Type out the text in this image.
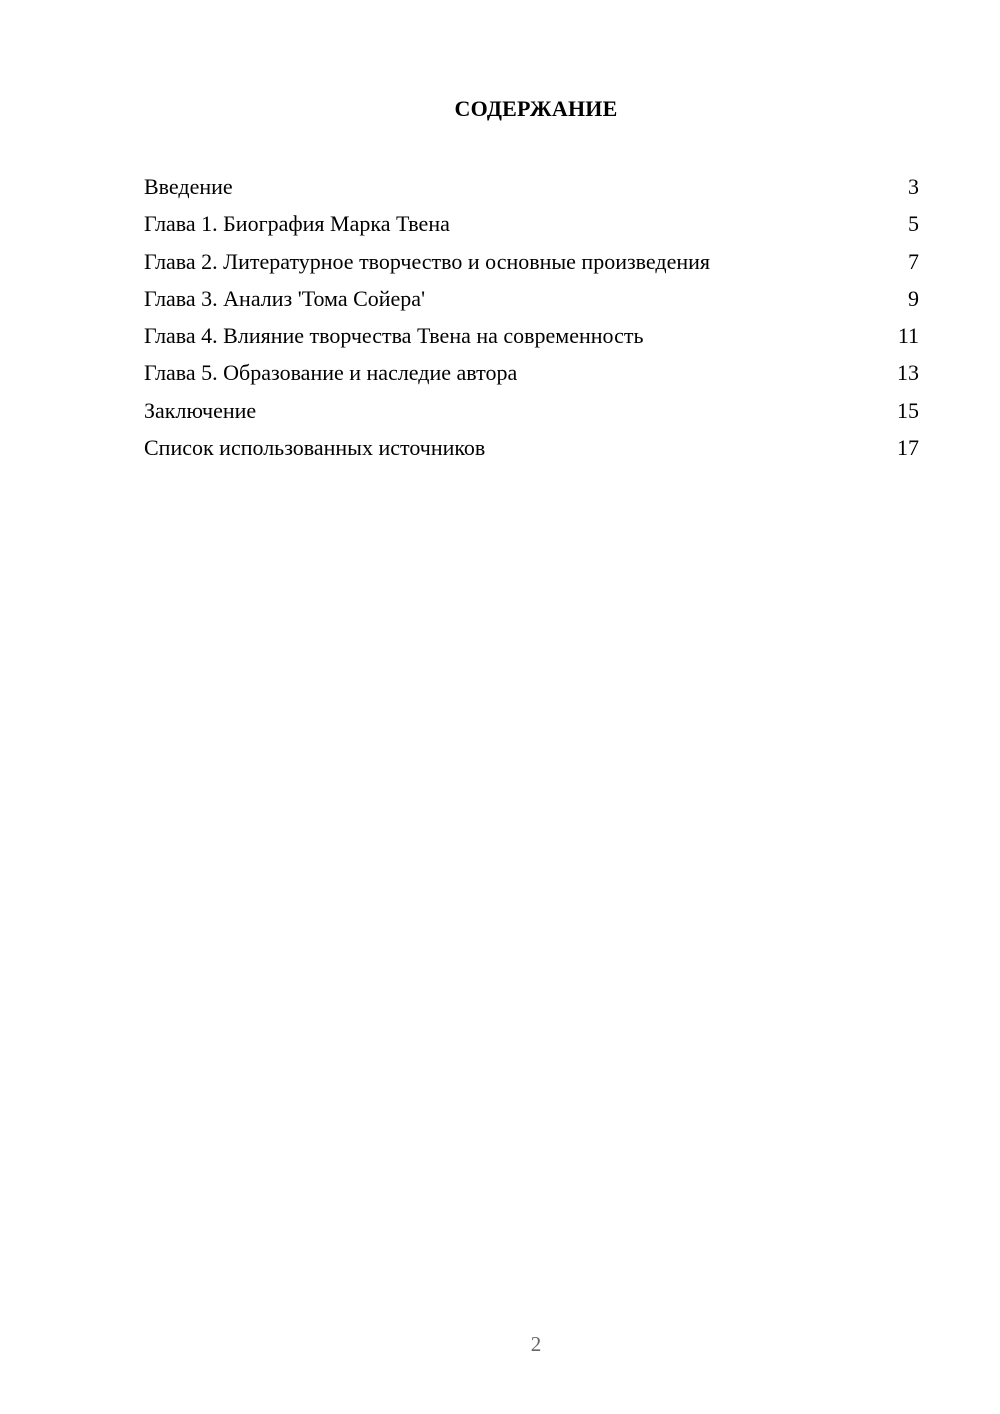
СОДЕРЖАНИЕ
Введение	3
Глава 1. Биография Марка Твена	5
Глава 2. Литературное творчество и основные произведения	7
Глава 3. Анализ 'Тома Сойера'	9
Глава 4. Влияние творчества Твена на современность	11
Глава 5. Образование и наследие автора	13
Заключение	15
Список использованных источников	17
2
